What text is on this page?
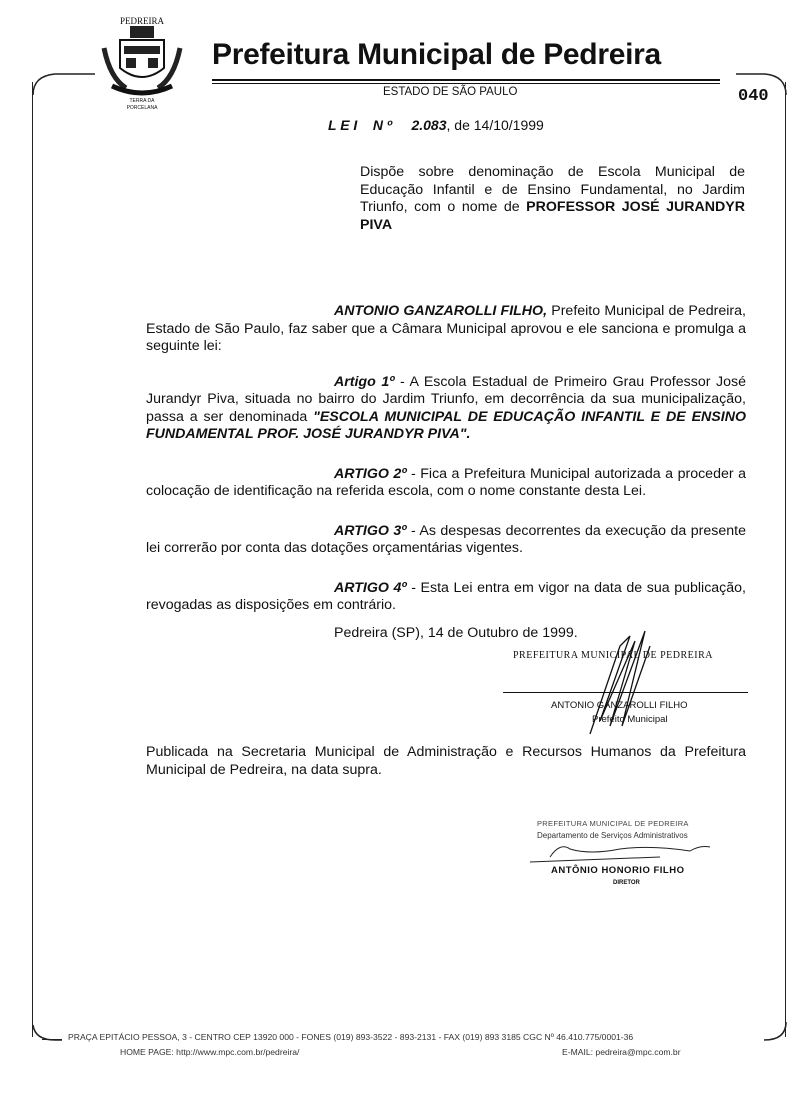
PEDREIRA
TERRA DA
PORCELANA
Prefeitura Municipal de Pedreira
ESTADO DE SÃO PAULO	040
L E I N º 2.083, de 14/10/1999
Dispõe sobre denominação de Escola Municipal de Educação Infantil e de Ensino Fundamental, no Jardim Triunfo, com o nome de PROFESSOR JOSÉ JURANDYR PIVA
ANTONIO GANZAROLLI FILHO, Prefeito Municipal de Pedreira, Estado de São Paulo, faz saber que a Câmara Municipal aprovou e ele sanciona e promulga a seguinte lei:
Artigo 1º - A Escola Estadual de Primeiro Grau Professor José Jurandyr Piva, situada no bairro do Jardim Triunfo, em decorrência da sua municipalização, passa a ser denominada "ESCOLA MUNICIPAL DE EDUCAÇÃO INFANTIL E DE ENSINO FUNDAMENTAL PROF. JOSÉ JURANDYR PIVA".
ARTIGO 2º - Fica a Prefeitura Municipal autorizada a proceder a colocação de identificação na referida escola, com o nome constante desta Lei.
ARTIGO 3º - As despesas decorrentes da execução da presente lei correrão por conta das dotações orçamentárias vigentes.
ARTIGO 4º - Esta Lei entra em vigor na data de sua publicação, revogadas as disposições em contrário.
Pedreira (SP), 14 de Outubro de 1999.
PREFEITURA MUNICIPAL DE PEDREIRA
ANTONIO GANZAROLLI FILHO
Prefeito Municipal
Publicada na Secretaria Municipal de Administração e Recursos Humanos da Prefeitura Municipal de Pedreira, na data supra.
PREFEITURA MUNICIPAL DE PEDREIRA
Departamento de Serviços Administrativos
ANTÔNIO HONORIO FILHO
DIRETOR
PRAÇA EPITÁCIO PESSOA, 3 - CENTRO CEP 13920 000 - FONES (019) 893-3522 - 893-2131 - FAX (019) 893 3185 CGC Nº 46.410.775/0001-36
HOME PAGE: http://www.mpc.com.br/pedreira/	E-MAIL: pedreira@mpc.com.br
